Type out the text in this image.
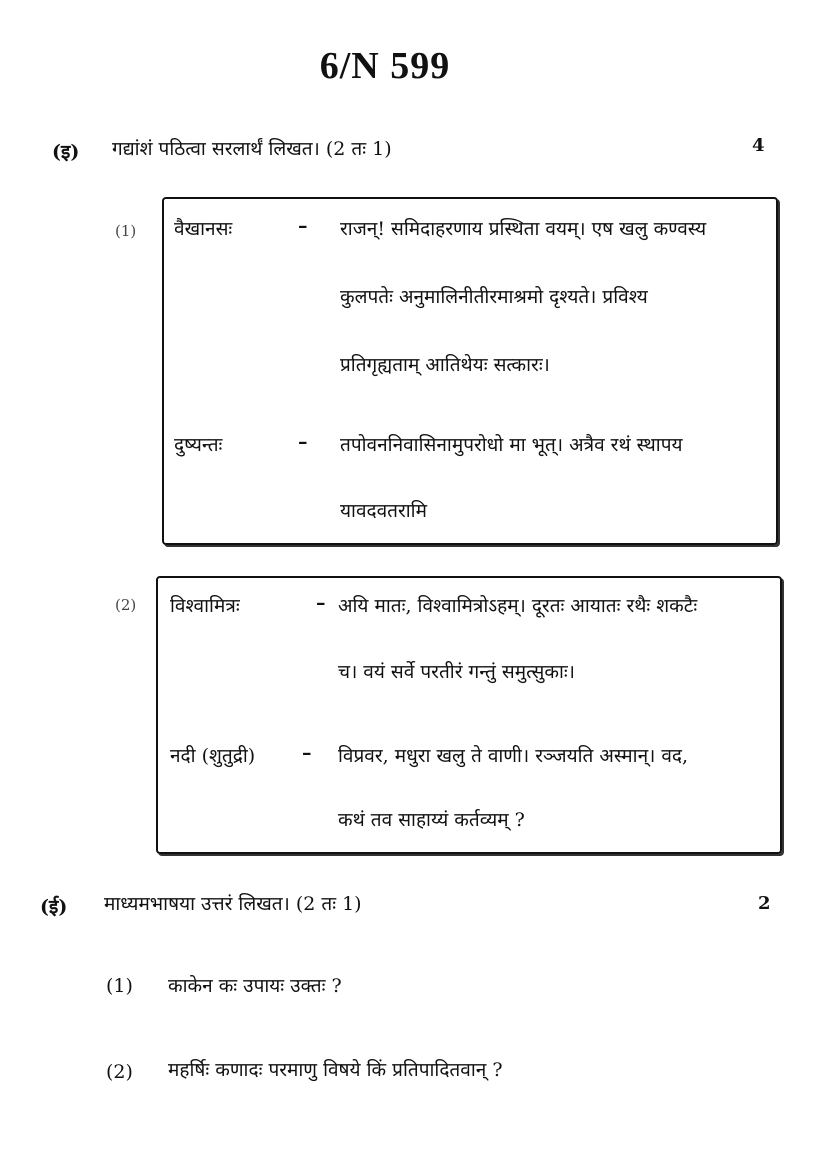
6/N 599
(इ) गद्यांशं पठित्वा सरलार्थं लिखत। (2 तः 1)	4
(1) वैखानसः	– राजन्! समिदाहरणाय प्रस्थिता वयम्। एष खलु कण्वस्य
कुलपतेः अनुमालिनीतीरमाश्रमो दृश्यते। प्रविश्य
प्रतिगृह्यताम् आतिथेयः सत्कारः।
दुष्यन्तः	– तपोवननिवासिनामुपरोधो मा भूत्। अत्रैव रथं स्थापय
यावदवतरामि
(2) विश्वामित्रः	– अयि मातः, विश्वामित्रोऽहम्। दूरतः आयातः रथैः शकटैः
च। वयं सर्वे परतीरं गन्तुं समुत्सुकाः।
नदी (शुतुद्री) – विप्रवर, मधुरा खलु ते वाणी। रञ्जयति अस्मान्। वद,
कथं तव साहाय्यं कर्तव्यम् ?
(ई) माध्यमभाषया उत्तरं लिखत। (2 तः 1)	2
(1) काकेन कः उपायः उक्तः ?
(2) महर्षिः कणादः परमाणु विषये किं प्रतिपादितवान् ?
